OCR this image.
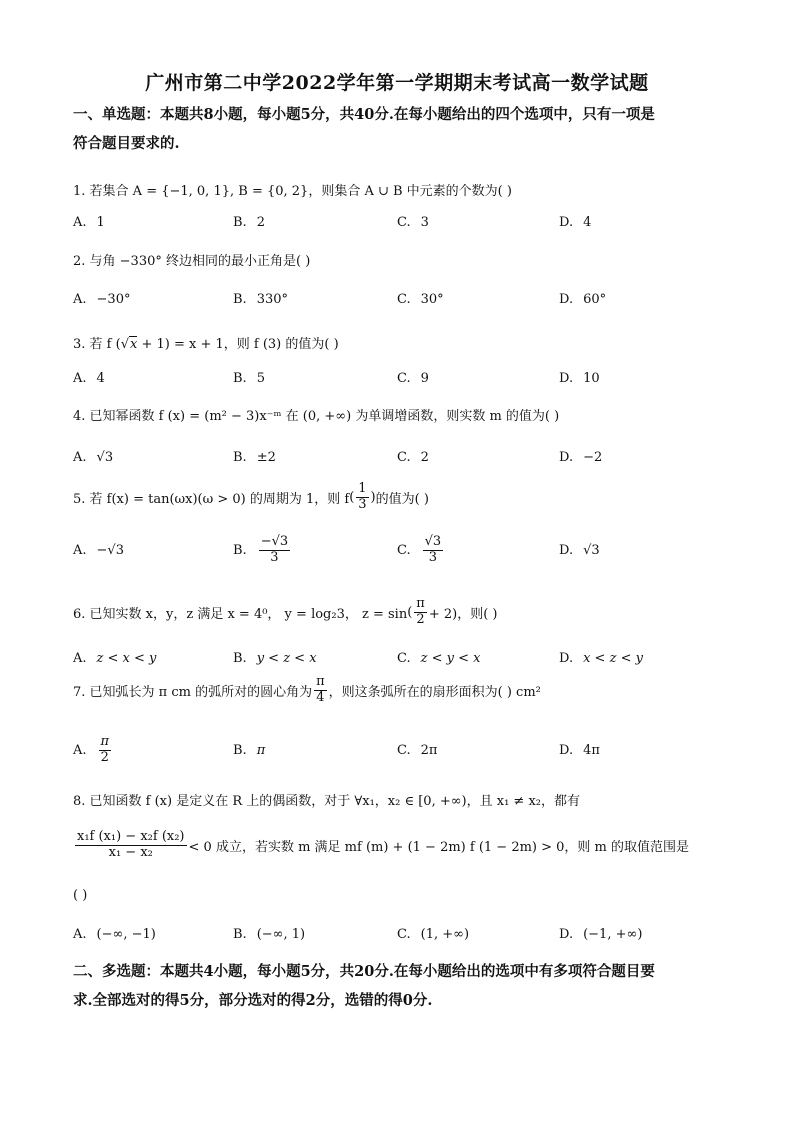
广州市第二中学2022学年第一学期期末考试高一数学试题
一、单选题：本题共8小题，每小题5分，共40分.在每小题给出的四个选项中，只有一项是
符合题目要求的.
1. 若集合 A = {−1, 0, 1}, B = {0, 2}，则集合 A ∪ B 中元素的个数为( )
A. 1	B. 2	C. 3	D. 4
2. 与角 −330° 终边相同的最小正角是( )
A. −30°	B. 330°	C. 30°	D. 60°
3. 若 f (√x + 1) = x + 1，则 f (3) 的值为( )
A. 4	B. 5	C. 9	D. 10
4. 已知幂函数 f (x) = (m² − 3)x⁻ᵐ 在 (0, +∞) 为单调增函数，则实数 m 的值为( )
A. √3	B. ±2	C. 2	D. −2
5. 若 f(x) = tan(ωx)(ω > 0) 的周期为 1，则 f ( $\frac{1}{3}$ ) 的值为( )
A. −√3	B. $\frac{-√3}{3}$	C. $\frac{√3}{3}$	D. √3
6. 已知实数 x，y，z 满足 x = 4⁰， y = log₂3， z = sin ( $\frac{\pi}{2} + 2$)，则( )
A. z < x < y	B. y < z < x	C. z < y < x	D. x < z < y
7. 已知弧长为 π cm 的弧所对的圆心角为 $\frac{\pi}{4}$ ，则这条弧所在的扇形面积为( ) cm²
A. $\frac{\pi}{2}$	B. π	C. 2π	D. 4π
8. 已知函数 f (x) 是定义在 R 上的偶函数，对于 ∀x₁，x₂ ∈ [0, +∞)，且 x₁ ≠ x₂，都有
$\frac{\text{x₁f (x₁) − x₂f (x₂)}}{\text{x₁ − x₂}} < 0$ 成立，若实数 m 满足 mf (m) + (1 − 2m) f (1 − 2m) > 0，则 m 的取值范围是
( )
A. (−∞, −1)	B. (−∞, 1)	C. (1, +∞)	D. (−1, +∞)
二、多选题：本题共4小题，每小题5分，共20分.在每小题给出的选项中有多项符合题目要
求.全部选对的得5分，部分选对的得2分，选错的得0分.
